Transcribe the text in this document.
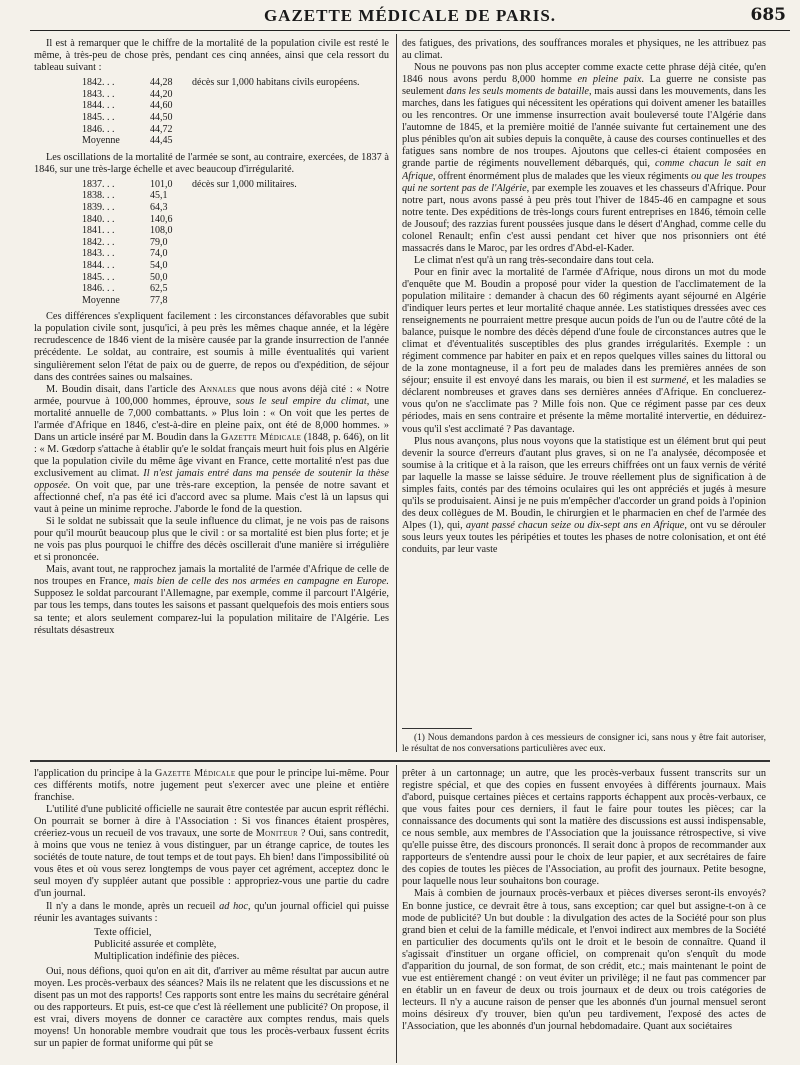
GAZETTE MÉDICALE DE PARIS.	685

Il est à remarquer que le chiffre de la mortalité de la population civile est resté le même, à très-peu de chose près, pendant ces cinq années, ainsi que cela ressort du tableau suivant :

1842. . .	44,28	décès sur 1,000 habitans civils européens.
1843. . .	44,20	
1844. . .	44,60	
1845. . .	44,50	
1846. . .	44,72	
Moyenne	44,45	

Les oscillations de la mortalité de l'armée se sont, au contraire, exercées, de 1837 à 1846, sur une très-large échelle et avec beaucoup d'irrégularité.

1837. . .	101,0	décès sur 1,000 militaires.
1838. . .	45,1	
1839. . .	64,3	
1840. . .	140,6	
1841. . .	108,0	
1842. . .	79,0	
1843. . .	74,0	
1844. . .	54,0	
1845. . .	50,0	
1846. . .	62,5	
Moyenne	77,8	

Ces différences s'expliquent facilement : les circonstances défavorables que subit la population civile sont, jusqu'ici, à peu près les mêmes chaque année, et la légère recrudescence de 1846 vient de la misère causée par la grande insurrection de l'année précédente. Le soldat, au contraire, est soumis à mille éventualités qui varient singulièrement selon l'état de paix ou de guerre, de repos ou d'expédition, de séjour dans des contrées saines ou malsaines.

M. Boudin disait, dans l'article des Annales que nous avons déjà cité : « Notre armée, pourvue à 100,000 hommes, éprouve, sous le seul empire du climat, une mortalité annuelle de 7,000 combattants. » Plus loin : « On voit que les pertes de l'armée d'Afrique en 1846, c'est-à-dire en pleine paix, ont été de 8,000 hommes. » Dans un article inséré par M. Boudin dans la Gazette Médicale (1848, p. 646), on lit : « M. Gœdorp s'attache à établir qu'e le soldat français meurt huit fois plus en Algérie que la population civile du même âge vivant en France, cette mortalité n'est pas due exclusivement au climat. Il n'est jamais entré dans ma pensée de soutenir la thèse opposée. On voit que, par une très-rare exception, la pensée de notre savant et affectionné chef, n'a pas été ici d'accord avec sa plume. Mais c'est là un lapsus qui vaut à peine un minime reproche. J'aborde le fond de la question.

Si le soldat ne subissait que la seule influence du climat, je ne vois pas de raisons pour qu'il mourût beaucoup plus que le civil : or sa mortalité est bien plus forte; et je ne vois pas plus pourquoi le chiffre des décès oscillerait d'une manière si irrégulière et si prononcée.

Mais, avant tout, ne rapprochez jamais la mortalité de l'armée d'Afrique de celle de nos troupes en France, mais bien de celle des nos armées en campagne en Europe. Supposez le soldat parcourant l'Allemagne, par exemple, comme il parcourt l'Algérie, par tous les temps, dans toutes les saisons et passant quelquefois des mois entiers sous sa tente; et alors seulement comparez-lui la population militaire de l'Algérie. Les résultats désastreux

des fatigues, des privations, des souffrances morales et physiques, ne les attribuez pas au climat.

Nous ne pouvons pas non plus accepter comme exacte cette phrase déjà citée, qu'en 1846 nous avons perdu 8,000 homme en pleine paix. La guerre ne consiste pas seulement dans les seuls moments de bataille, mais aussi dans les mouvements, dans les marches, dans les fatigues qui nécessitent les opérations qui doivent amener les batailles ou les rencontres. Or une immense insurrection avait bouleversé toute l'Algérie dans l'automne de 1845, et la première moitié de l'année suivante fut certainement une des plus pénibles qu'on ait subies depuis la conquête, à cause des courses continuelles et des fatigues sans nombre de nos troupes. Ajoutons que celles-ci étaient composées en grande partie de régiments nouvellement débarqués, qui, comme chacun le sait en Afrique, offrent énormément plus de malades que les vieux régiments ou que les troupes qui ne sortent pas de l'Algérie, par exemple les zouaves et les chasseurs d'Afrique. Pour notre part, nous avons passé à peu près tout l'hiver de 1845-46 en campagne et sous notre tente. Des expéditions de très-longs cours furent entreprises en 1846, témoin celle de Jousouf; des razzias furent poussées jusque dans le désert d'Anghad, comme celle du colonel Renault; enfin c'est aussi pendant cet hiver que nos prisonniers ont été massacrés dans le Maroc, par les ordres d'Abd-el-Kader.

Le climat n'est qu'à un rang très-secondaire dans tout cela.

Pour en finir avec la mortalité de l'armée d'Afrique, nous dirons un mot du mode d'enquête que M. Boudin a proposé pour vider la question de l'acclimatement de la population militaire : demander à chacun des 60 régiments ayant séjourné en Algérie d'indiquer leurs pertes et leur mortalité chaque année. Les statistiques dressées avec ces renseignements ne pourraient mettre presque aucun poids de l'un ou de l'autre côté de la balance, puisque le nombre des décès dépend d'une foule de circonstances autres que le climat et d'éventualités susceptibles des plus grandes irrégularités. Exemple : un régiment commence par habiter en paix et en repos quelques villes saines du littoral ou de la zone montagneuse, il a fort peu de malades dans les premières années de son séjour; ensuite il est envoyé dans les marais, ou bien il est surmené, et les maladies se déclarent nombreuses et graves dans ses dernières années d'Afrique. En concluerez-vous qu'on ne s'acclimate pas ? Mille fois non. Que ce régiment passe par ces deux périodes, mais en sens contraire et présente la même mortalité intervertie, en déduirez-vous qu'il s'est acclimaté ? Pas davantage.

Plus nous avançons, plus nous voyons que la statistique est un élément brut qui peut devenir la source d'erreurs d'autant plus graves, si on ne l'a analysée, décomposée et soumise à la critique et à la raison, que les erreurs chiffrées ont un faux vernis de vérité par laquelle la masse se laisse séduire. Je trouve réellement plus de signification à de simples faits, contés par des témoins oculaires qui les ont appréciés et jugés à mesure qu'ils se produisaient. Ainsi je ne puis m'empêcher d'accorder un grand poids à l'opinion des deux collègues de M. Boudin, le chirurgien et le pharmacien en chef de l'armée des Alpes (1), qui, ayant passé chacun seize ou dix-sept ans en Afrique, ont vu se dérouler sous leurs yeux toutes les péripéties et toutes les phases de notre colonisation, et ont été conduits, par leur vaste

(1) Nous demandons pardon à ces messieurs de consigner ici, sans nous y être fait autoriser, le résultat de nos conversations particulières avec eux.

l'application du principe à la Gazette Médicale que pour le principe lui-même. Pour ces différents motifs, notre jugement peut s'exercer avec une pleine et entière franchise.

L'utilité d'une publicité officielle ne saurait être contestée par aucun esprit réfléchi. On pourrait se borner à dire à l'Association : Si vos finances étaient prospères, créeriez-vous un recueil de vos travaux, une sorte de Moniteur ? Oui, sans contredit, à moins que vous ne teniez à vous distinguer, par un étrange caprice, de toutes les sociétés de toute nature, de tout temps et de tout pays. Eh bien! dans l'impossibilité où vous êtes et où vous serez longtemps de vous payer cet agrément, acceptez donc le seul moyen d'y suppléer autant que possible : appropriez-vous une partie du cadre d'un journal.

Il n'y a dans le monde, après un recueil ad hoc, qu'un journal officiel qui puisse réunir les avantages suivants :

Texte officiel,
Publicité assurée et complète,
Multiplication indéfinie des pièces.

Oui, nous défions, quoi qu'on en ait dit, d'arriver au même résultat par aucun autre moyen. Les procès-verbaux des séances? Mais ils ne relatent que les discussions et ne disent pas un mot des rapports! Ces rapports sont entre les mains du secrétaire général ou des rapporteurs. Et puis, est-ce que c'est là réellement une publicité? On propose, il est vrai, divers moyens de donner ce caractère aux comptes rendus, mais quels moyens! Un honorable membre voudrait que tous les procès-verbaux fussent écrits sur un papier de format uniforme qui pût se

prêter à un cartonnage; un autre, que les procès-verbaux fussent transcrits sur un registre spécial, et que des copies en fussent envoyées à différents journaux. Mais d'abord, puisque certaines pièces et certains rapports échappent aux procès-verbaux, ce que vous faites pour ces derniers, il faut le faire pour toutes les pièces; car la connaissance des documents qui sont la matière des discussions est aussi indispensable, ce nous semble, aux membres de l'Association que la jouissance rétrospective, si vive qu'elle puisse être, des discours prononcés. Il serait donc à propos de recommander aux rapporteurs de s'entendre aussi pour le choix de leur papier, et aux secrétaires de faire des copies de toutes les pièces de l'Association, au profit des journaux. Petite besogne, pour laquelle nous leur souhaitons bon courage.

Mais à combien de journaux procès-verbaux et pièces diverses seront-ils envoyés? En bonne justice, ce devrait être à tous, sans exception; car quel but assigne-t-on à ce mode de publicité? Un but double : la divulgation des actes de la Société pour son plus grand bien et celui de la famille médicale, et l'envoi indirect aux membres de la Société en particulier des documents qu'ils ont le droit et le besoin de connaître. Quand il s'agissait d'instituer un organe officiel, on comprenait qu'on s'enquît du mode d'apparition du journal, de son format, de son crédit, etc.; mais maintenant le point de vue est entièrement changé : on veut éviter un privilège; il ne faut pas commencer par en établir un en faveur de deux ou trois journaux et de deux ou trois catégories de lecteurs. Il n'y a aucune raison de penser que les abonnés d'un journal mensuel seront moins désireux d'y trouver, bien qu'un peu tardivement, l'exposé des actes de l'Association, que les abonnés d'un journal hebdomadaire. Quant aux sociétaires
